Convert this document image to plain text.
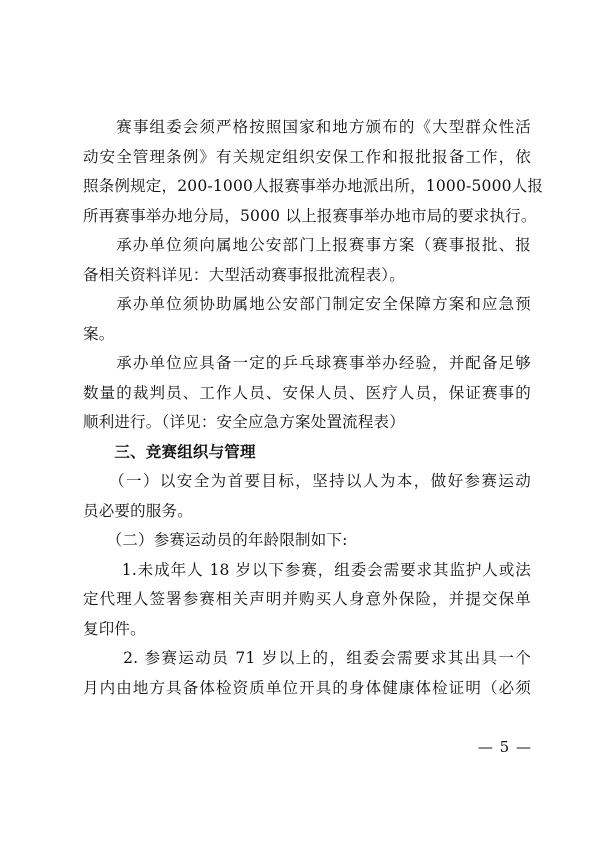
　　赛事组委会须严格按照国家和地方颁布的《大型群众性活
动安全管理条例》有关规定组织安保工作和报批报备工作，依
照条例规定，200-1000人报赛事举办地派出所，1000-5000人报
所再赛事举办地分局，5000 以上报赛事举办地市局的要求执行。
　　承办单位须向属地公安部门上报赛事方案（赛事报批、报
备相关资料详见：大型活动赛事报批流程表）。
　　承办单位须协助属地公安部门制定安全保障方案和应急预
案。
　　承办单位应具备一定的乒乓球赛事举办经验，并配备足够
数量的裁判员、工作人员、安保人员、医疗人员，保证赛事的
顺利进行。（详见：安全应急方案处置流程表）
　　三、竞赛组织与管理
　　（一）以安全为首要目标，坚持以人为本，做好参赛运动
员必要的服务。
　　（二）参赛运动员的年龄限制如下:
　　 1.未成年人 18 岁以下参赛，组委会需要求其监护人或法
定代理人签署参赛相关声明并购买人身意外保险，并提交保单
复印件。
　　 2. 参赛运动员 71 岁以上的，组委会需要求其出具一个
月内由地方具备体检资质单位开具的身体健康体检证明（必须
— 5 —
